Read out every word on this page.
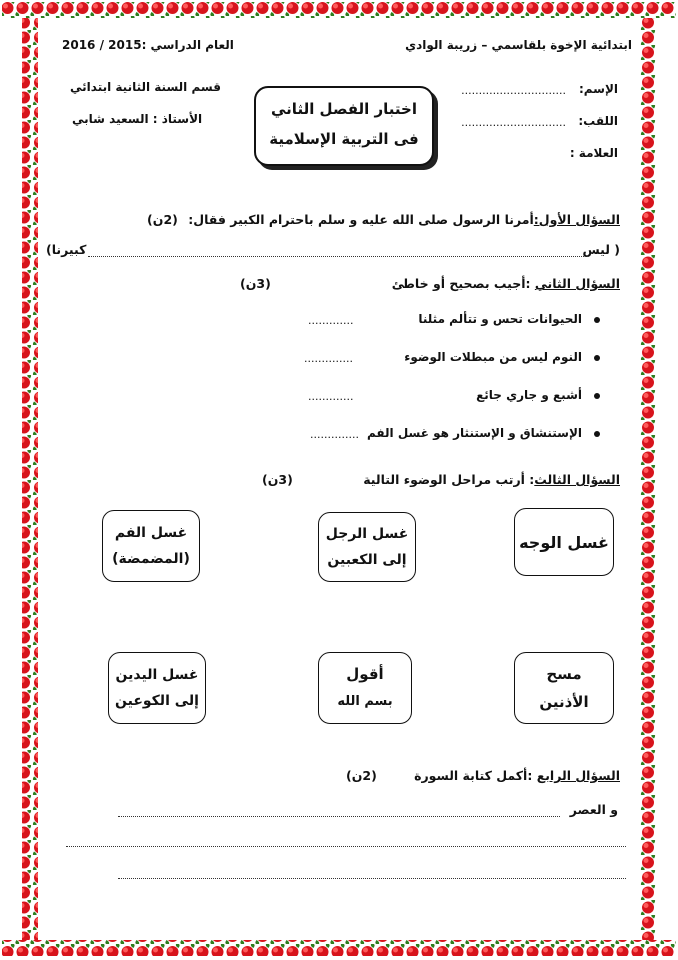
ابتدائية الإخوة بلقاسمي – زريبة الوادي
العام الدراسي :2015 / 2016
قسم السنة الثانية ابتدائي
الأستاذ : السعيد شابي
الإسم:
..............................
اللقب:
..............................
العلامة :
اختبار الفصل الثاني
فى التربية الإسلامية
السؤال الأول:أمرنا الرسول صلى الله عليه و سلم باحترام الكبير فقال: (2ن)
( ليس
كبيرنا)
السؤال الثاني :أجيب بصحيح أو خاطئ
(3ن)
الحيوانات تحس و تتألم مثلنا
.............
النوم ليس من مبطلات الوضوء
..............
أشبع و جاري جائع
.............
الإستنشاق و الإستنثار هو غسل الفم
..............
السؤال الثالث: أرتب مراحل الوضوء التالية
(3ن)
غسل الوجه
غسل الرجل
إلى الكعبين
غسل الفم
(المضمضة)
مسح
الأذنين
أقول
بسم الله
غسل اليدين
إلى الكوعين
السؤال الرابع :أكمل كتابة السورة
(2ن)
و العصر
